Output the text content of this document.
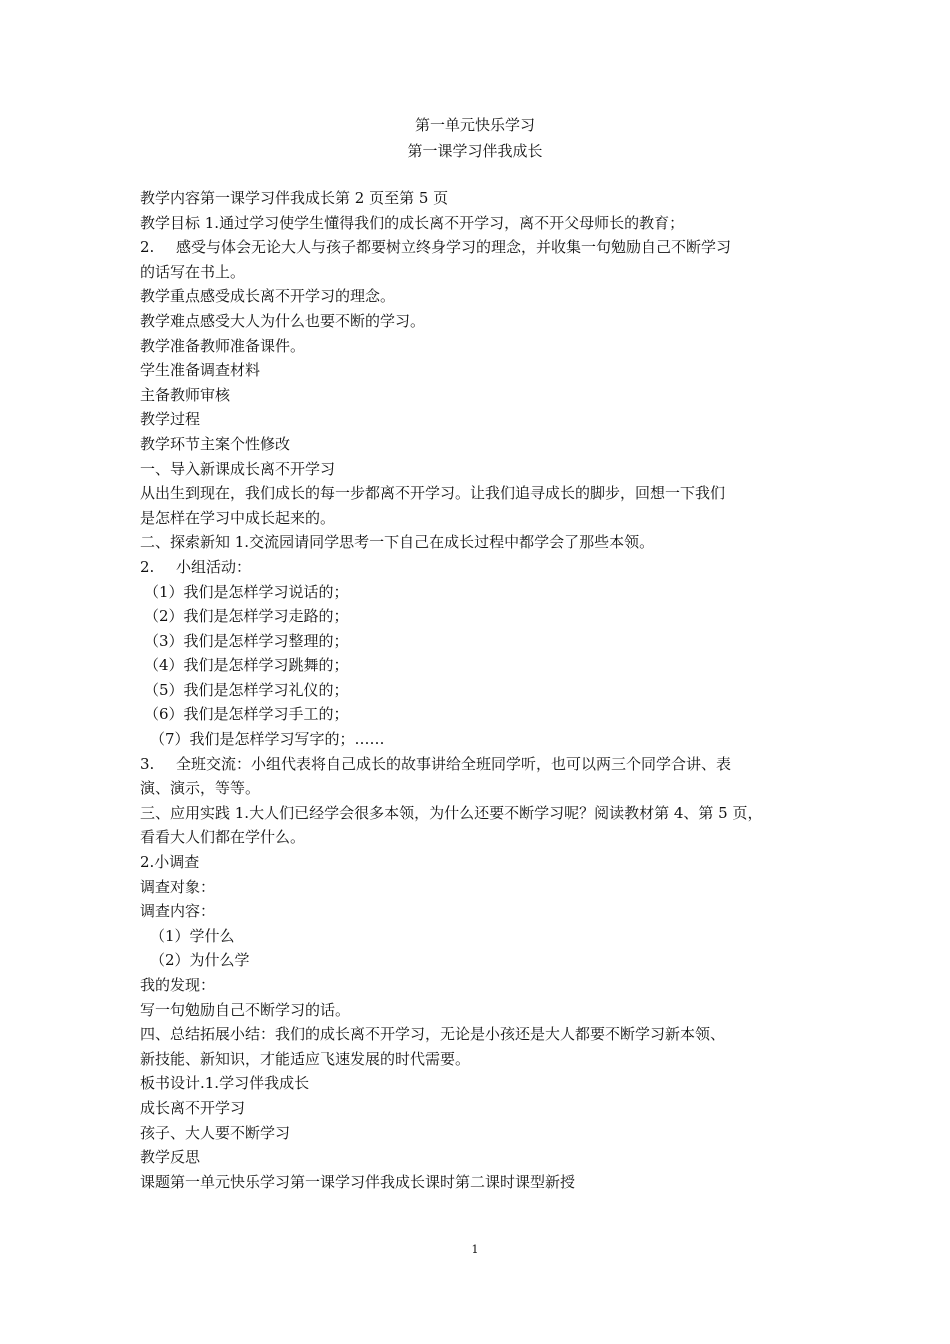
第一单元快乐学习
第一课学习伴我成长
教学内容第一课学习伴我成长第 2 页至第 5 页
教学目标 1.通过学习使学生懂得我们的成长离不开学习，离不开父母师长的教育；
2. 感受与体会无论大人与孩子都要树立终身学习的理念，并收集一句勉励自己不断学习
的话写在书上。
教学重点感受成长离不开学习的理念。
教学难点感受大人为什么也要不断的学习。
教学准备教师准备课件。
学生准备调查材料
主备教师审核
教学过程
教学环节主案个性修改
一、导入新课成长离不开学习
从出生到现在，我们成长的每一步都离不开学习。让我们追寻成长的脚步，回想一下我们
是怎样在学习中成长起来的。
二、探索新知 1.交流园请同学思考一下自己在成长过程中都学会了那些本领。
2. 小组活动：
（1）我们是怎样学习说话的；
（2）我们是怎样学习走路的；
（3）我们是怎样学习整理的；
（4）我们是怎样学习跳舞的；
（5）我们是怎样学习礼仪的；
（6）我们是怎样学习手工的；
（7）我们是怎样学习写字的；……
3. 全班交流：小组代表将自己成长的故事讲给全班同学听，也可以两三个同学合讲、表
演、演示，等等。
三、应用实践 1.大人们已经学会很多本领，为什么还要不断学习呢？阅读教材第 4、第 5 页，
看看大人们都在学什么。
2.小调查
调查对象：
调查内容：
（1）学什么
（2）为什么学
我的发现：
写一句勉励自己不断学习的话。
四、总结拓展小结：我们的成长离不开学习，无论是小孩还是大人都要不断学习新本领、
新技能、新知识，才能适应飞速发展的时代需要。
板书设计.1.学习伴我成长
成长离不开学习
孩子、大人要不断学习
教学反思
课题第一单元快乐学习第一课学习伴我成长课时第二课时课型新授
1
